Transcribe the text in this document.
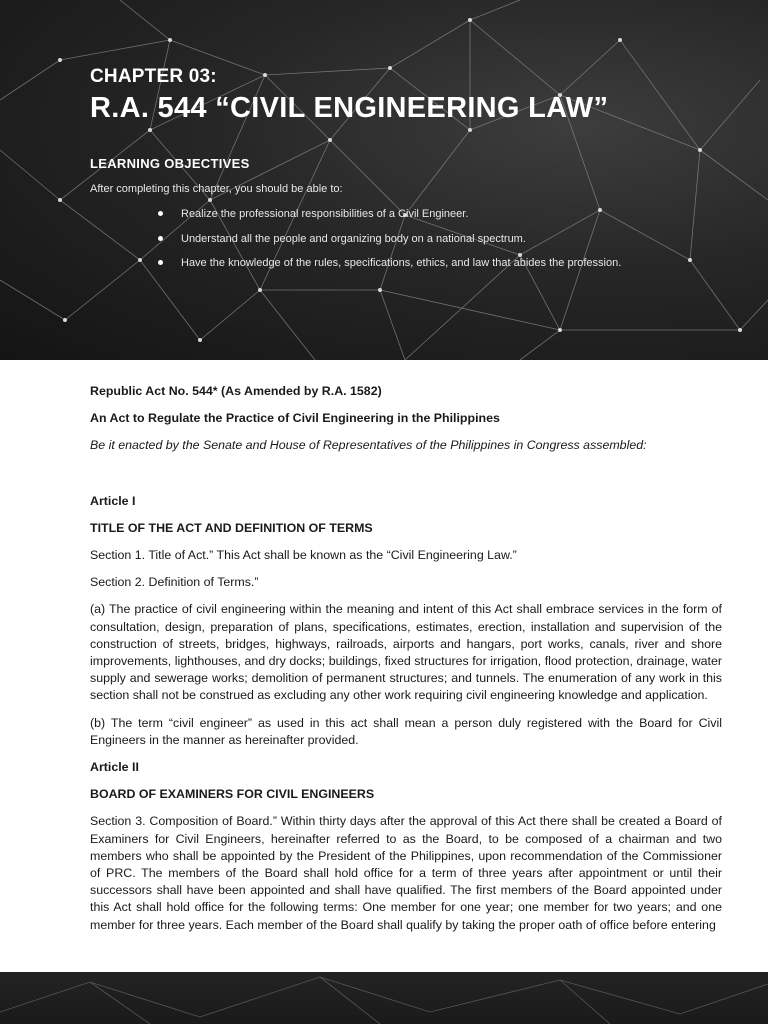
CHAPTER 03:
R.A. 544 “CIVIL ENGINEERING LAW”
LEARNING OBJECTIVES
After completing this chapter, you should be able to:
Realize the professional responsibilities of a Civil Engineer.
Understand all the people and organizing body on a national spectrum.
Have the knowledge of the rules, specifications, ethics, and law that abides the profession.

Republic Act No. 544* (As Amended by R.A. 1582)

An Act to Regulate the Practice of Civil Engineering in the Philippines

Be it enacted by the Senate and House of Representatives of the Philippines in Congress assembled:

Article I

TITLE OF THE ACT AND DEFINITION OF TERMS

Section 1. Title of Act.” This Act shall be known as the “Civil Engineering Law.”

Section 2. Definition of Terms.”

(a) The practice of civil engineering within the meaning and intent of this Act shall embrace services in the form of consultation, design, preparation of plans, specifications, estimates, erection, installation and supervision of the construction of streets, bridges, highways, railroads, airports and hangars, port works, canals, river and shore improvements, lighthouses, and dry docks; buildings, fixed structures for irrigation, flood protection, drainage, water supply and sewerage works; demolition of permanent structures; and tunnels. The enumeration of any work in this section shall not be construed as excluding any other work requiring civil engineering knowledge and application.

(b) The term “civil engineer” as used in this act shall mean a person duly registered with the Board for Civil Engineers in the manner as hereinafter provided.

Article II

BOARD OF EXAMINERS FOR CIVIL ENGINEERS

Section 3. Composition of Board.” Within thirty days after the approval of this Act there shall be created a Board of Examiners for Civil Engineers, hereinafter referred to as the Board, to be composed of a chairman and two members who shall be appointed by the President of the Philippines, upon recommendation of the Commissioner of PRC. The members of the Board shall hold office for a term of three years after appointment or until their successors shall have been appointed and shall have qualified. The first members of the Board appointed under this Act shall hold office for the following terms: One member for one year; one member for two years; and one member for three years. Each member of the Board shall qualify by taking the proper oath of office before entering
